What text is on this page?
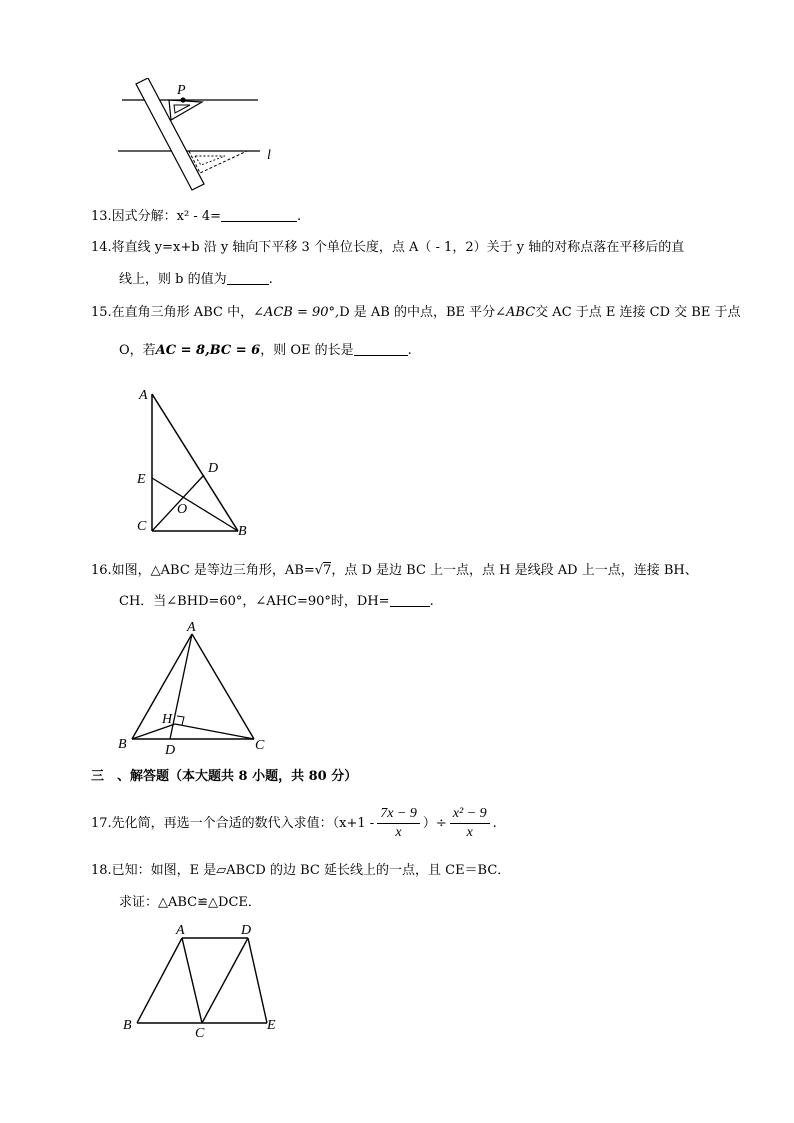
P
l
13.因式分解：x² - 4=	.
14.将直线 y=x+b 沿 y 轴向下平移 3 个单位长度，点 A（ - 1，2）关于 y 轴的对称点落在平移后的直
线上，则 b 的值为	.
15.在直角三角形 ABC 中，∠ACB = 90°,D 是 AB 的中点，BE 平分∠ABC交 AC 于点 E 连接 CD 交 BE 于点
O，若AC = 8,BC = 6，则 OE 的长是	.
A
E
D
O
C	B
16.如图，△ABC 是等边三角形，AB=√7，点 D 是边 BC 上一点，点 H 是线段 AD 上一点，连接 BH、
CH．当∠BHD=60°，∠AHC=90°时，DH=	.
A
H
B	D	C
三　、解答题（本大题共 8 小题，共 80 分）
17.先化简，再选一个合适的数代入求值：（$x+1 - \frac{7x - 9}{x}$ ）÷ $\frac{\text{x² − 9}}{x}$ .
18.已知：如图，E 是▱ABCD 的边 BC 延长线上的一点，且 CE＝BC．
求证：△ABC≌△DCE．
A	D
B
C
E
